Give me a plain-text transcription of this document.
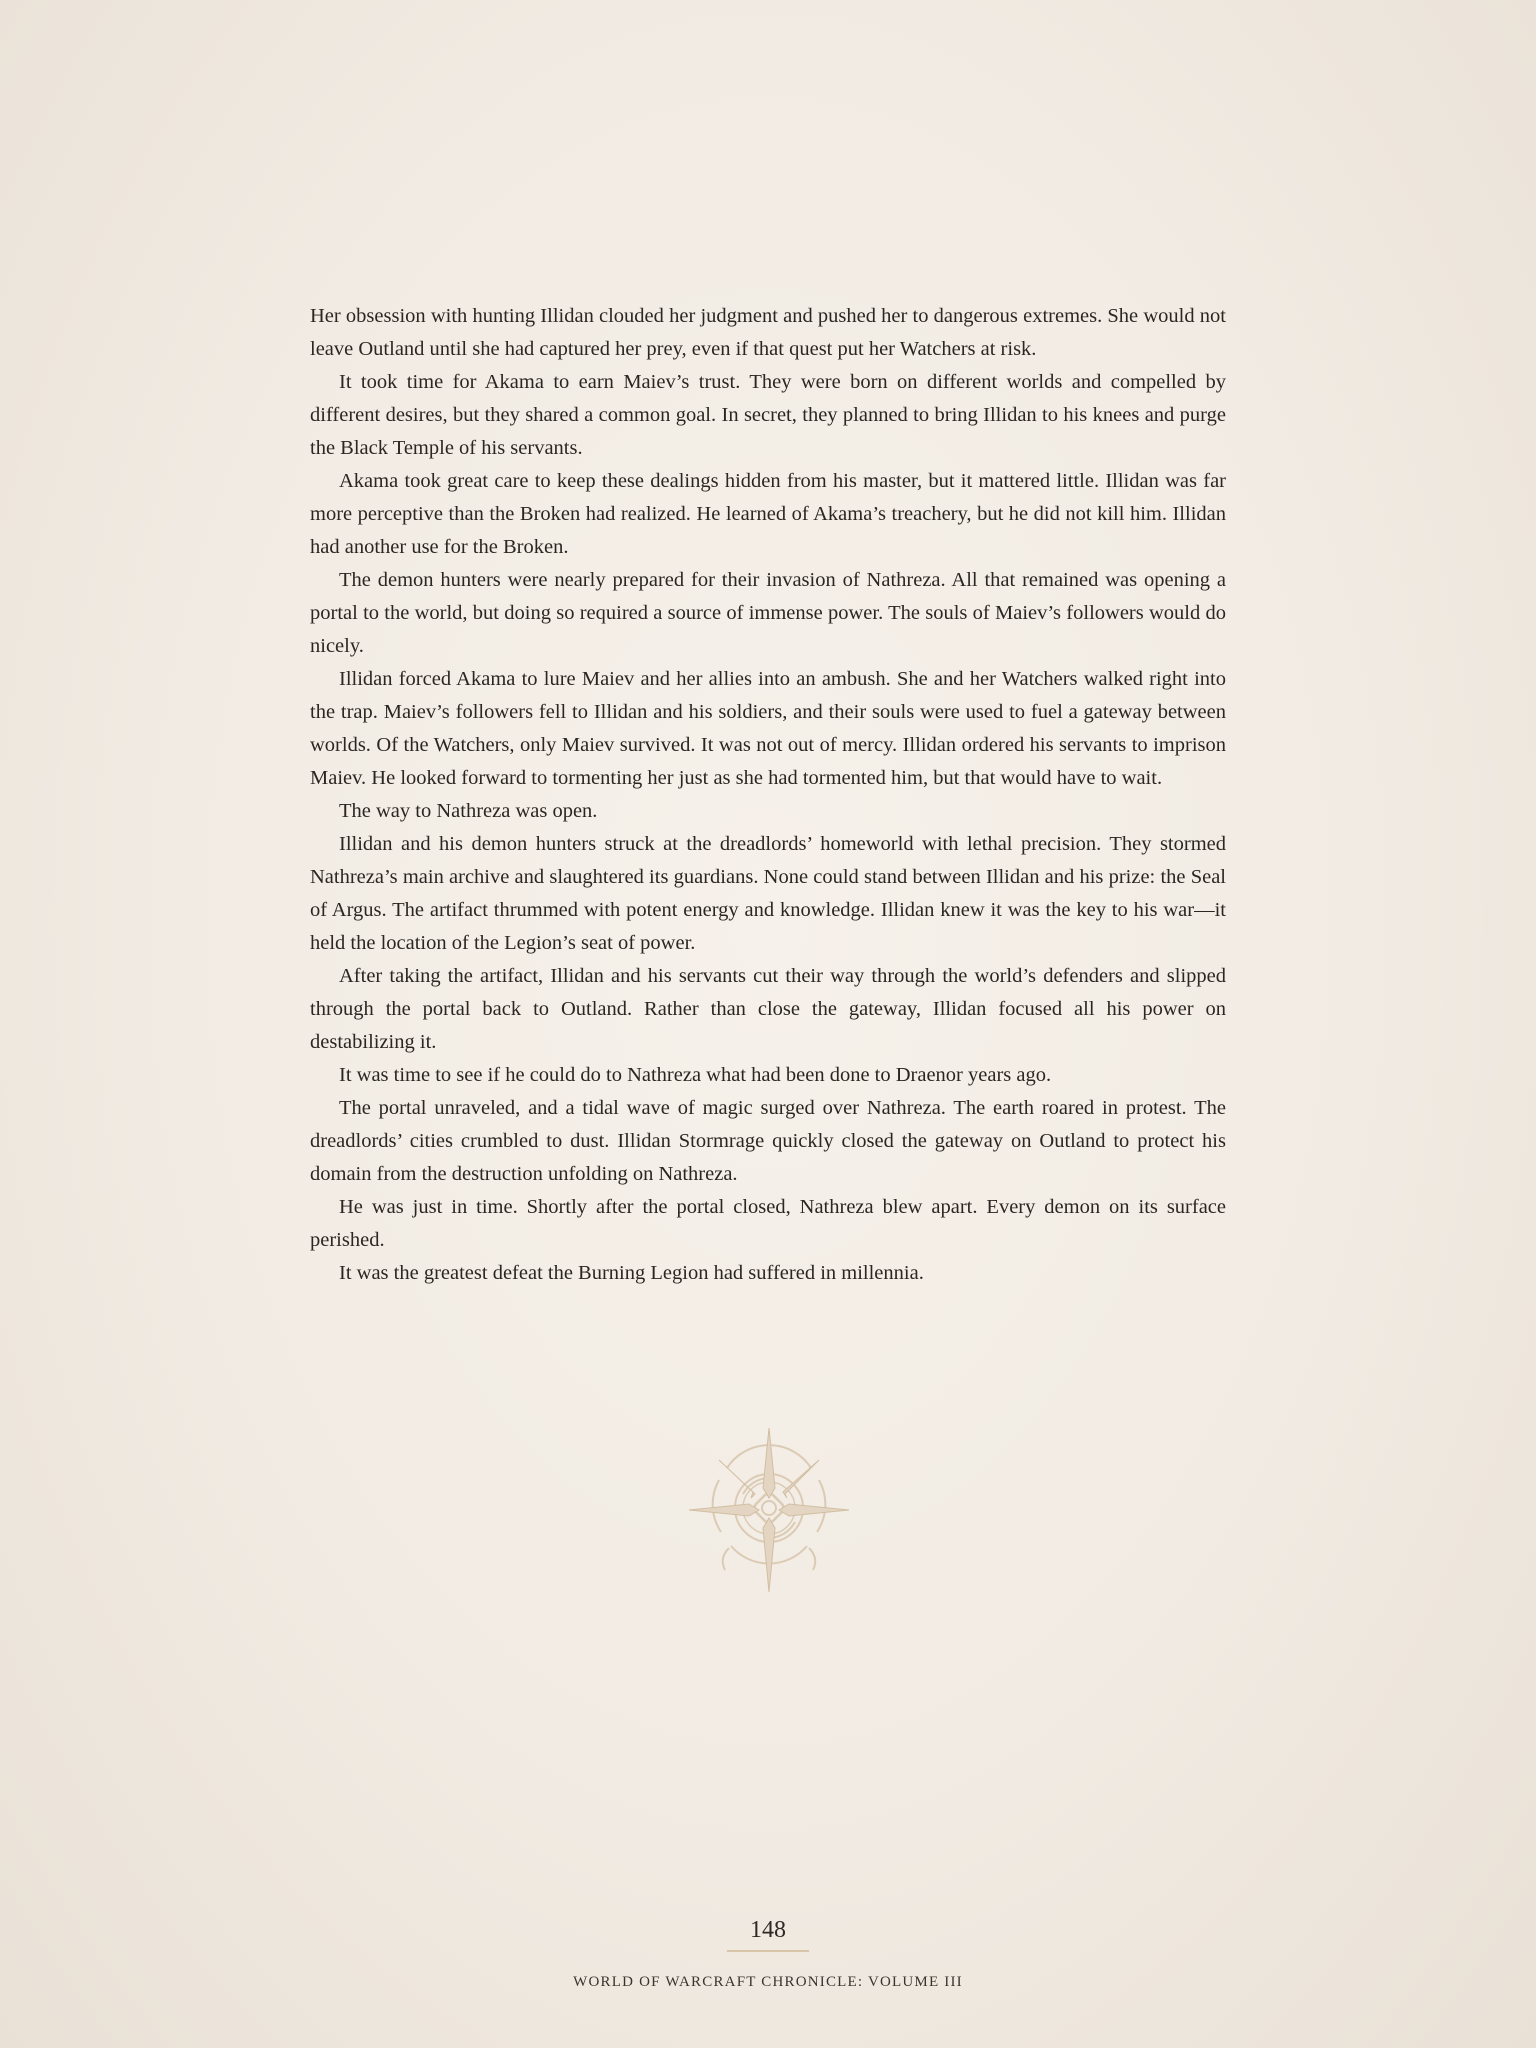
Her obsession with hunting Illidan clouded her judgment and pushed her to dangerous extremes. She would not leave Outland until she had captured her prey, even if that quest put her Watchers at risk.

It took time for Akama to earn Maiev’s trust. They were born on different worlds and compelled by different desires, but they shared a common goal. In secret, they planned to bring Illidan to his knees and purge the Black Temple of his servants.

Akama took great care to keep these dealings hidden from his master, but it mattered little. Illidan was far more perceptive than the Broken had realized. He learned of Akama’s treachery, but he did not kill him. Illidan had another use for the Broken.

The demon hunters were nearly prepared for their invasion of Nathreza. All that remained was opening a portal to the world, but doing so required a source of immense power. The souls of Maiev’s followers would do nicely.

Illidan forced Akama to lure Maiev and her allies into an ambush. She and her Watchers walked right into the trap. Maiev’s followers fell to Illidan and his soldiers, and their souls were used to fuel a gateway between worlds. Of the Watchers, only Maiev survived. It was not out of mercy. Illidan ordered his servants to imprison Maiev. He looked forward to tormenting her just as she had tormented him, but that would have to wait.

The way to Nathreza was open.

Illidan and his demon hunters struck at the dreadlords’ homeworld with lethal precision. They stormed Nathreza’s main archive and slaughtered its guardians. None could stand between Illidan and his prize: the Seal of Argus. The artifact thrummed with potent energy and knowledge. Illidan knew it was the key to his war—it held the location of the Legion’s seat of power.

After taking the artifact, Illidan and his servants cut their way through the world’s defenders and slipped through the portal back to Outland. Rather than close the gateway, Illidan focused all his power on destabilizing it.

It was time to see if he could do to Nathreza what had been done to Draenor years ago.

The portal unraveled, and a tidal wave of magic surged over Nathreza. The earth roared in protest. The dreadlords’ cities crumbled to dust. Illidan Stormrage quickly closed the gateway on Outland to protect his domain from the destruction unfolding on Nathreza.

He was just in time. Shortly after the portal closed, Nathreza blew apart. Every demon on its surface perished.

It was the greatest defeat the Burning Legion had suffered in millennia.

148
WORLD OF WARCRAFT CHRONICLE: VOLUME III
